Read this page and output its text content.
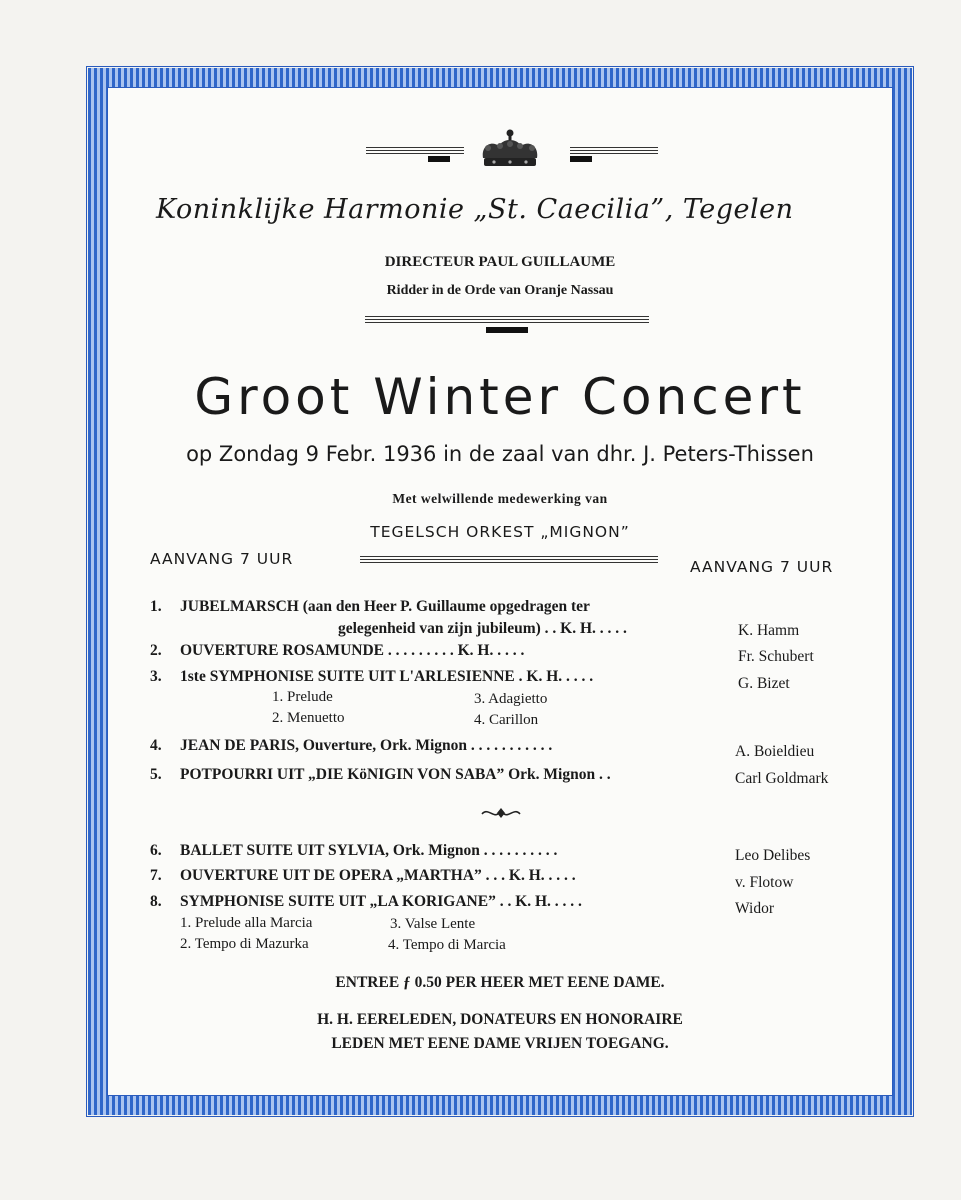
Koninklijke Harmonie „St. Caecilia”, Tegelen
DIRECTEUR PAUL GUILLAUME
Ridder in de Orde van Oranje Nassau
Groot Winter Concert
op Zondag 9 Febr. 1936 in de zaal van dhr. J. Peters-Thissen
Met welwillende medewerking van
TEGELSCH ORKEST „MIGNON”
AANVANG 7 UUR	AANVANG 7 UUR
1. JUBELMARSCH (aan den Heer P. Guillaume opgedragen ter
gelegenheid van zijn jubileum) . . K. H. . . . .	K. Hamm
2. OUVERTURE ROSAMUNDE . . . . . . . . . K. H. . . . .	Fr. Schubert
3. 1ste SYMPHONISE SUITE UIT L'ARLESIENNE . K. H. . . . .	G. Bizet
1. Prelude	3. Adagietto
2. Menuetto	4. Carillon
4. JEAN DE PARIS, Ouverture, Ork. Mignon . . . . . . . . . . .	A. Boieldieu
5. POTPOURRI UIT „DIE KöNIGIN VON SABA” Ork. Mignon . .	Carl Goldmark
6. BALLET SUITE UIT SYLVIA, Ork. Mignon . . . . . . . . . .	Leo Delibes
7. OUVERTURE UIT DE OPERA „MARTHA” . . . K. H. . . . .	v. Flotow
8. SYMPHONISE SUITE UIT „LA KORIGANE” . . K. H. . . . .	Widor
1. Prelude alla Marcia	3. Valse Lente
2. Tempo di Mazurka	4. Tempo di Marcia
ENTREE ƒ 0.50 PER HEER MET EENE DAME.
H. H. EERELEDEN, DONATEURS EN HONORAIRE
LEDEN MET EENE DAME VRIJEN TOEGANG.
